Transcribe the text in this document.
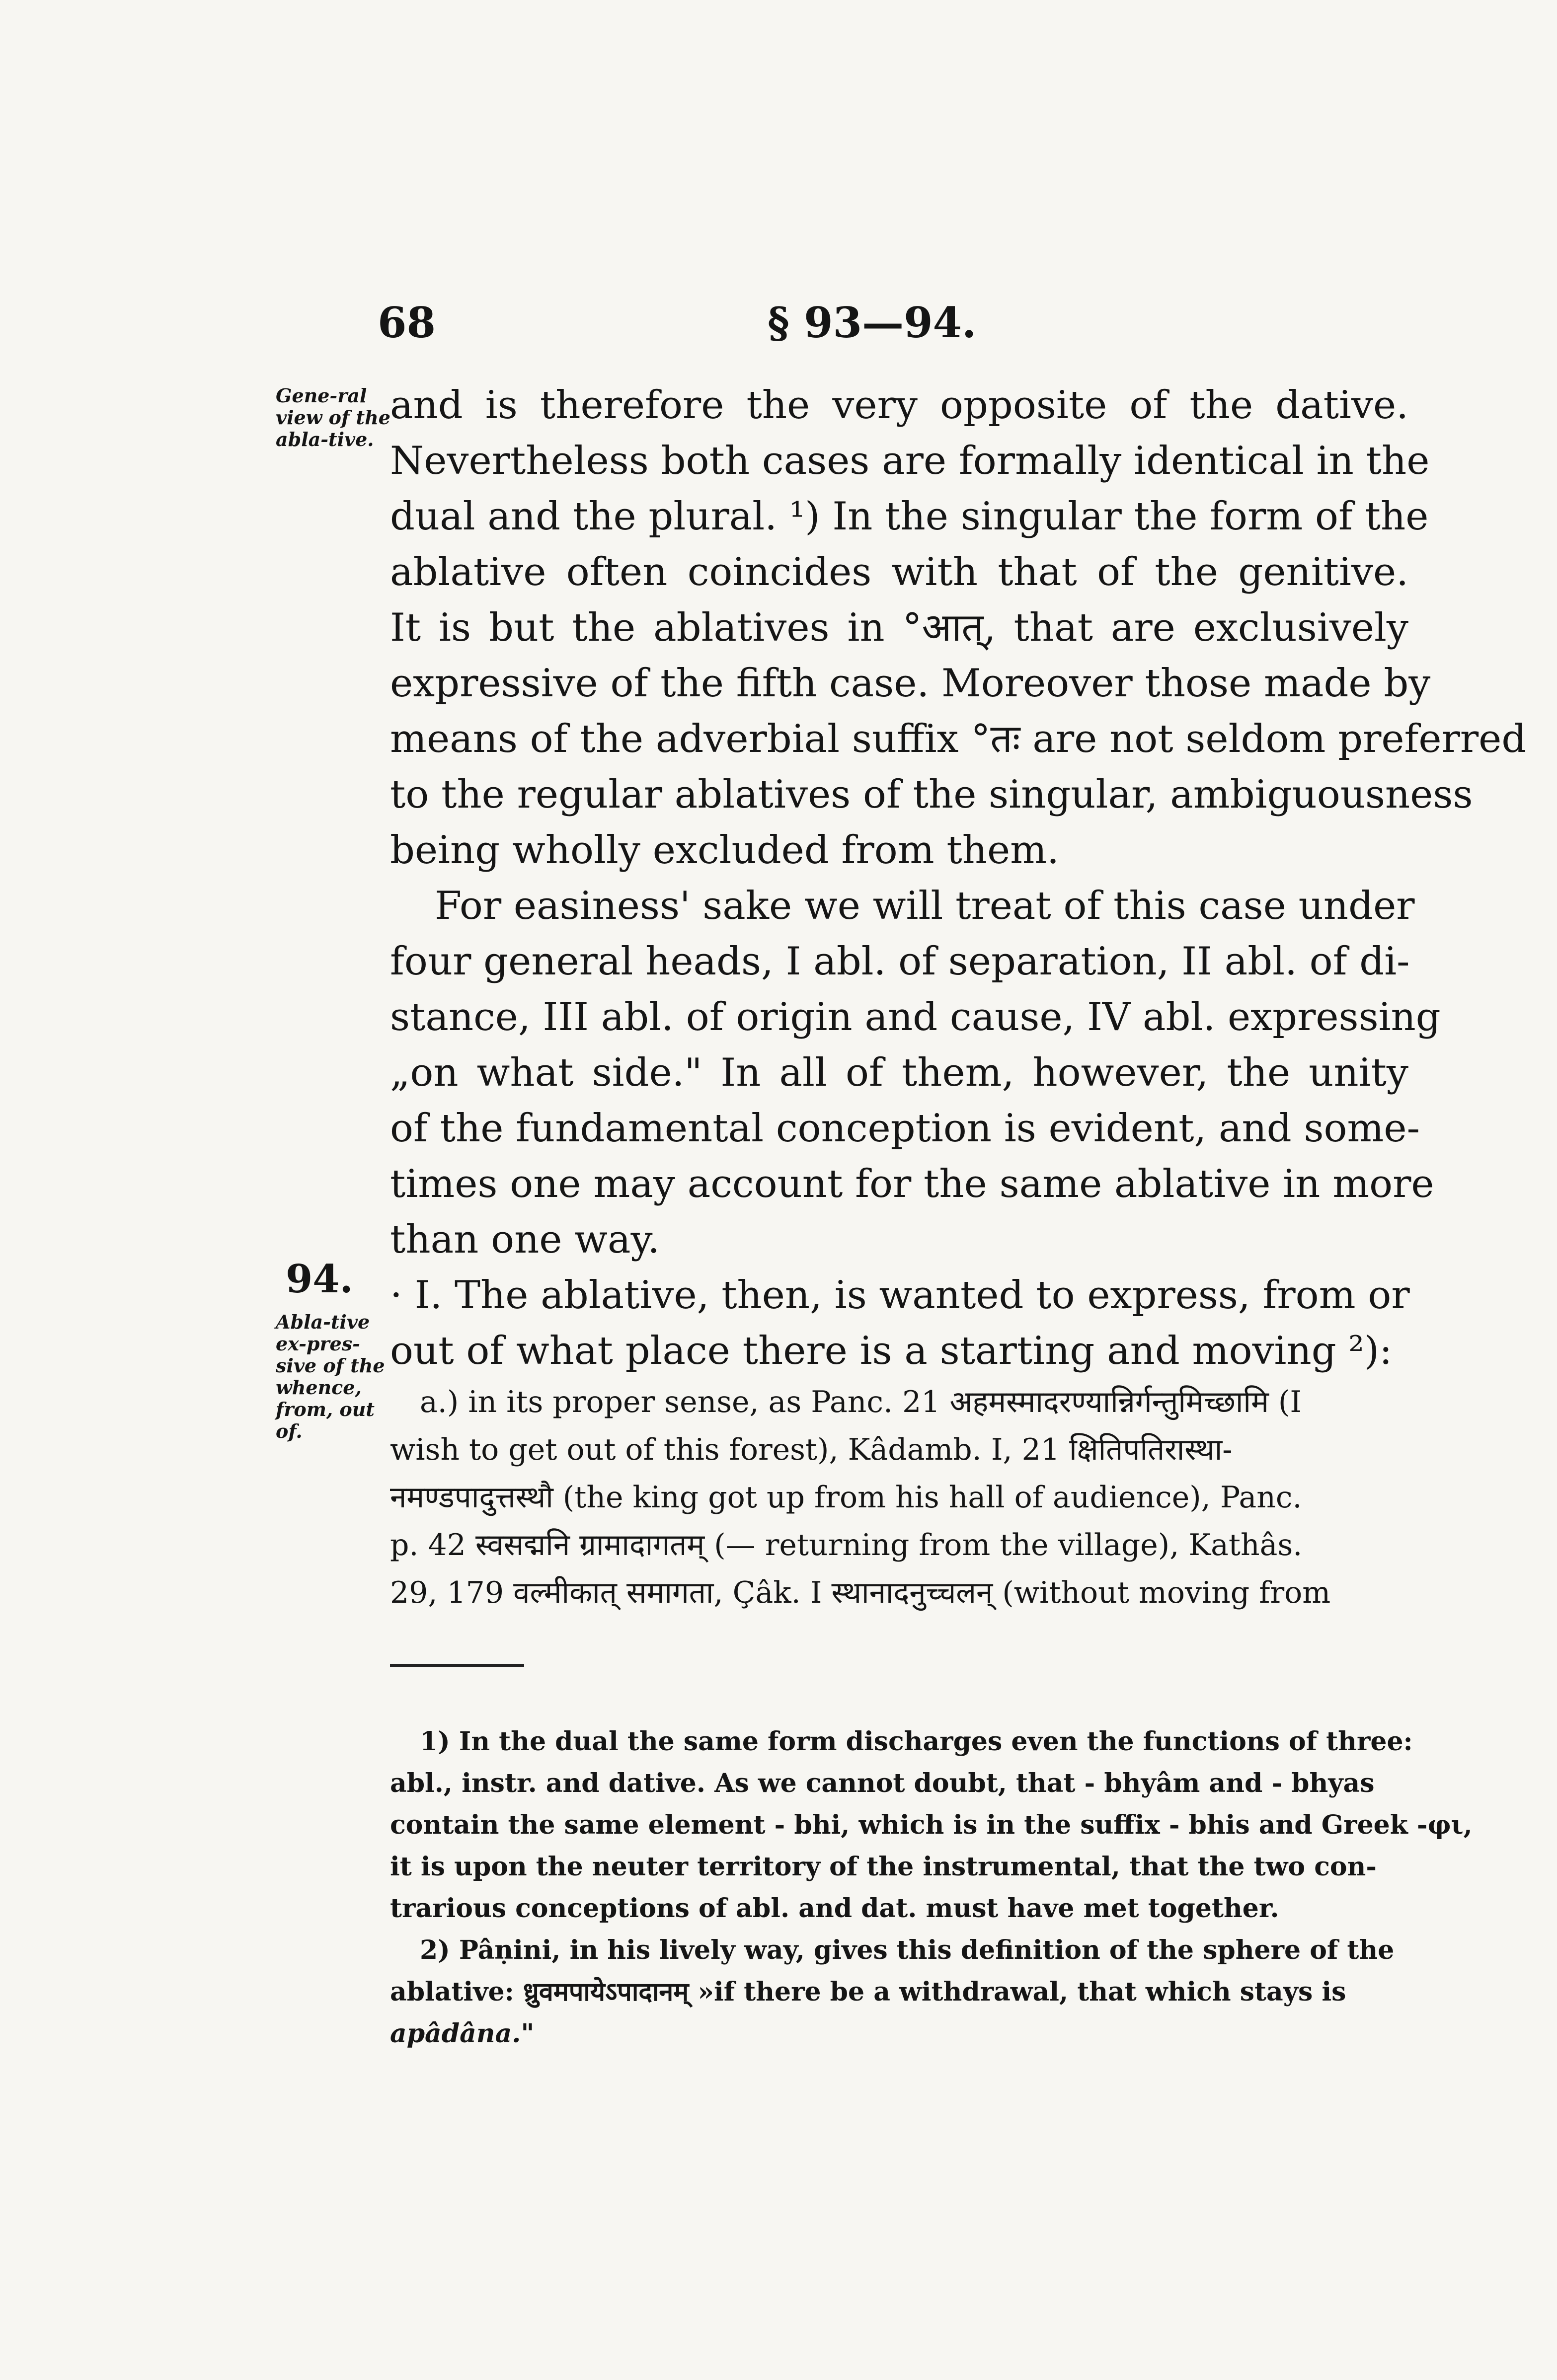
68	§ 93—94.
Gene-ral view of the abla-tive.
Abla-tive ex-pres-sive of the whence, from, out of.
94.
and is therefore the very opposite of the dative.
Nevertheless both cases are formally identical in the
dual and the plural. ¹) In the singular the form of the
ablative often coincides with that of the genitive.
It is but the ablatives in °आत्, that are exclusively
expressive of the fifth case. Moreover those made by
means of the adverbial suffix °तः are not seldom preferred
to the regular ablatives of the singular, ambiguousness
being wholly excluded from them.
For easiness' sake we will treat of this case under
four general heads, I abl. of separation, II abl. of di-
stance, III abl. of origin and cause, IV abl. expressing
„on what side." In all of them, however, the unity
of the fundamental conception is evident, and some-
times one may account for the same ablative in more
than one way.
· I. The ablative, then, is wanted to express, from or
out of what place there is a starting and moving ²):
a.) in its proper sense, as Panc. 21 अहमस्मादरण्यान्निर्गन्तुमिच्छामि (I
wish to get out of this forest), Kâdamb. I, 21 क्षितिपतिरास्था-
नमण्डपादुत्तस्थौ (the king got up from his hall of audience), Panc.
p. 42 स्वसद्मनि ग्रामादागतम् (— returning from the village), Kathâs.
29, 179 वल्मीकात् समागता, Çâk. I स्थानादनुच्चलन् (without moving from
1) In the dual the same form discharges even the functions of three:
abl., instr. and dative. As we cannot doubt, that - bhyâm and - bhyas
contain the same element - bhi, which is in the suffix - bhis and Greek -φι,
it is upon the neuter territory of the instrumental, that the two con-
trarious conceptions of abl. and dat. must have met together.
2) Pâṇini, in his lively way, gives this definition of the sphere of the
ablative: ध्रुवमपायेऽपादानम् »if there be a withdrawal, that which stays is
apâdâna."
